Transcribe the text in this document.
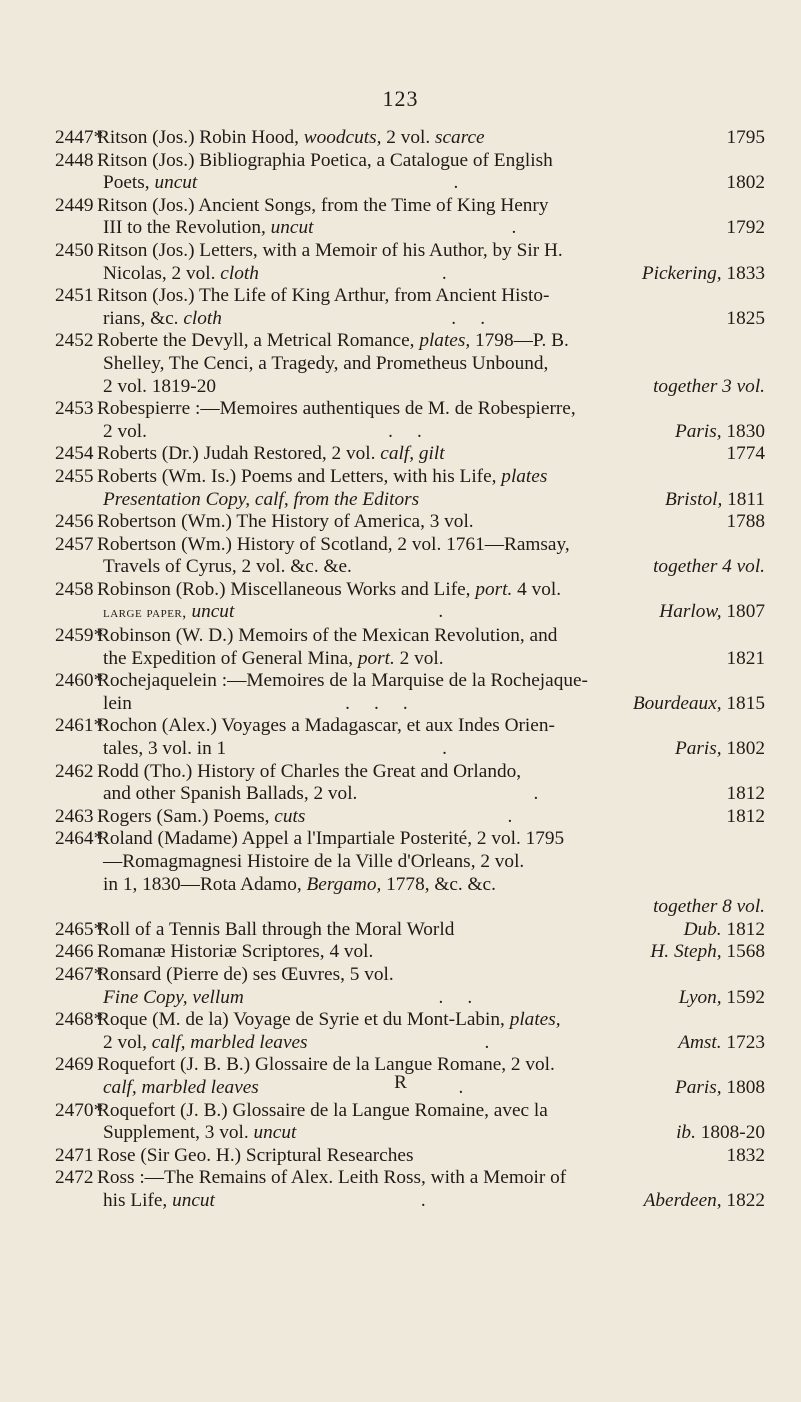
123
2447*
Ritson (Jos.) Robin Hood, woodcuts, 2 vol. scarce	1795
2448 Ritson (Jos.) Bibliographia Poetica, a Catalogue of English
Poets, uncut	.	1802
2449 Ritson (Jos.) Ancient Songs, from the Time of King Henry
III to the Revolution, uncut	.	1792
2450 Ritson (Jos.) Letters, with a Memoir of his Author, by Sir H.
Nicolas, 2 vol. cloth	.	Pickering, 1833
2451 Ritson (Jos.) The Life of King Arthur, from Ancient Histo-
rians, &c. cloth	.     .	1825
2452 Roberte the Devyll, a Metrical Romance, plates, 1798—P. B.
Shelley, The Cenci, a Tragedy, and Prometheus Unbound,
2 vol. 1819-20	together 3 vol.
2453 Robespierre :—Memoires authentiques de M. de Robespierre,
2 vol.	.     .	Paris, 1830
2454 Roberts (Dr.) Judah Restored, 2 vol. calf, gilt	1774
2455 Roberts (Wm. Is.) Poems and Letters, with his Life, plates
Presentation Copy, calf, from the Editors	Bristol, 1811
2456 Robertson (Wm.) The History of America, 3 vol.	1788
2457 Robertson (Wm.) History of Scotland, 2 vol. 1761—Ramsay,
Travels of Cyrus, 2 vol. &c. &e.	together 4 vol.
2458 Robinson (Rob.) Miscellaneous Works and Life, port. 4 vol.
large paper, uncut	.	Harlow, 1807
2459*
Robinson (W. D.) Memoirs of the Mexican Revolution, and
the Expedition of General Mina, port. 2 vol.	1821
2460*
Rochejaquelein :—Memoires de la Marquise de la Rochejaque-
lein	.     .     .	Bourdeaux, 1815
2461*
Rochon (Alex.) Voyages a Madagascar, et aux Indes Orien-
tales, 3 vol. in 1	.	Paris, 1802
2462 Rodd (Tho.) History of Charles the Great and Orlando,
and other Spanish Ballads, 2 vol.	.	1812
2463 Rogers (Sam.) Poems, cuts	.	1812
2464*
Roland (Madame) Appel a l'Impartiale Posterité, 2 vol. 1795
—Romagmagnesi Histoire de la Ville d'Orleans, 2 vol.
in 1, 1830—Rota Adamo, Bergamo, 1778, &c. &c.
together 8 vol.
2465*
Roll of a Tennis Ball through the Moral World	Dub. 1812
2466 Romanæ Historiæ Scriptores, 4 vol.	H. Steph, 1568
2467*
Ronsard (Pierre de) ses Œuvres, 5 vol.
Fine Copy, vellum	.     .	Lyon, 1592
2468*
Roque (M. de la) Voyage de Syrie et du Mont-Labin, plates,
2 vol, calf, marbled leaves	.	Amst. 1723
2469 Roquefort (J. B. B.) Glossaire de la Langue Romane, 2 vol.
calf, marbled leaves	.	Paris, 1808
2470*
Roquefort (J. B.) Glossaire de la Langue Romaine, avec la
Supplement, 3 vol. uncut	ib. 1808-20
2471 Rose (Sir Geo. H.) Scriptural Researches	1832
2472 Ross :—The Remains of Alex. Leith Ross, with a Memoir of
his Life, uncut	.	Aberdeen, 1822
R
